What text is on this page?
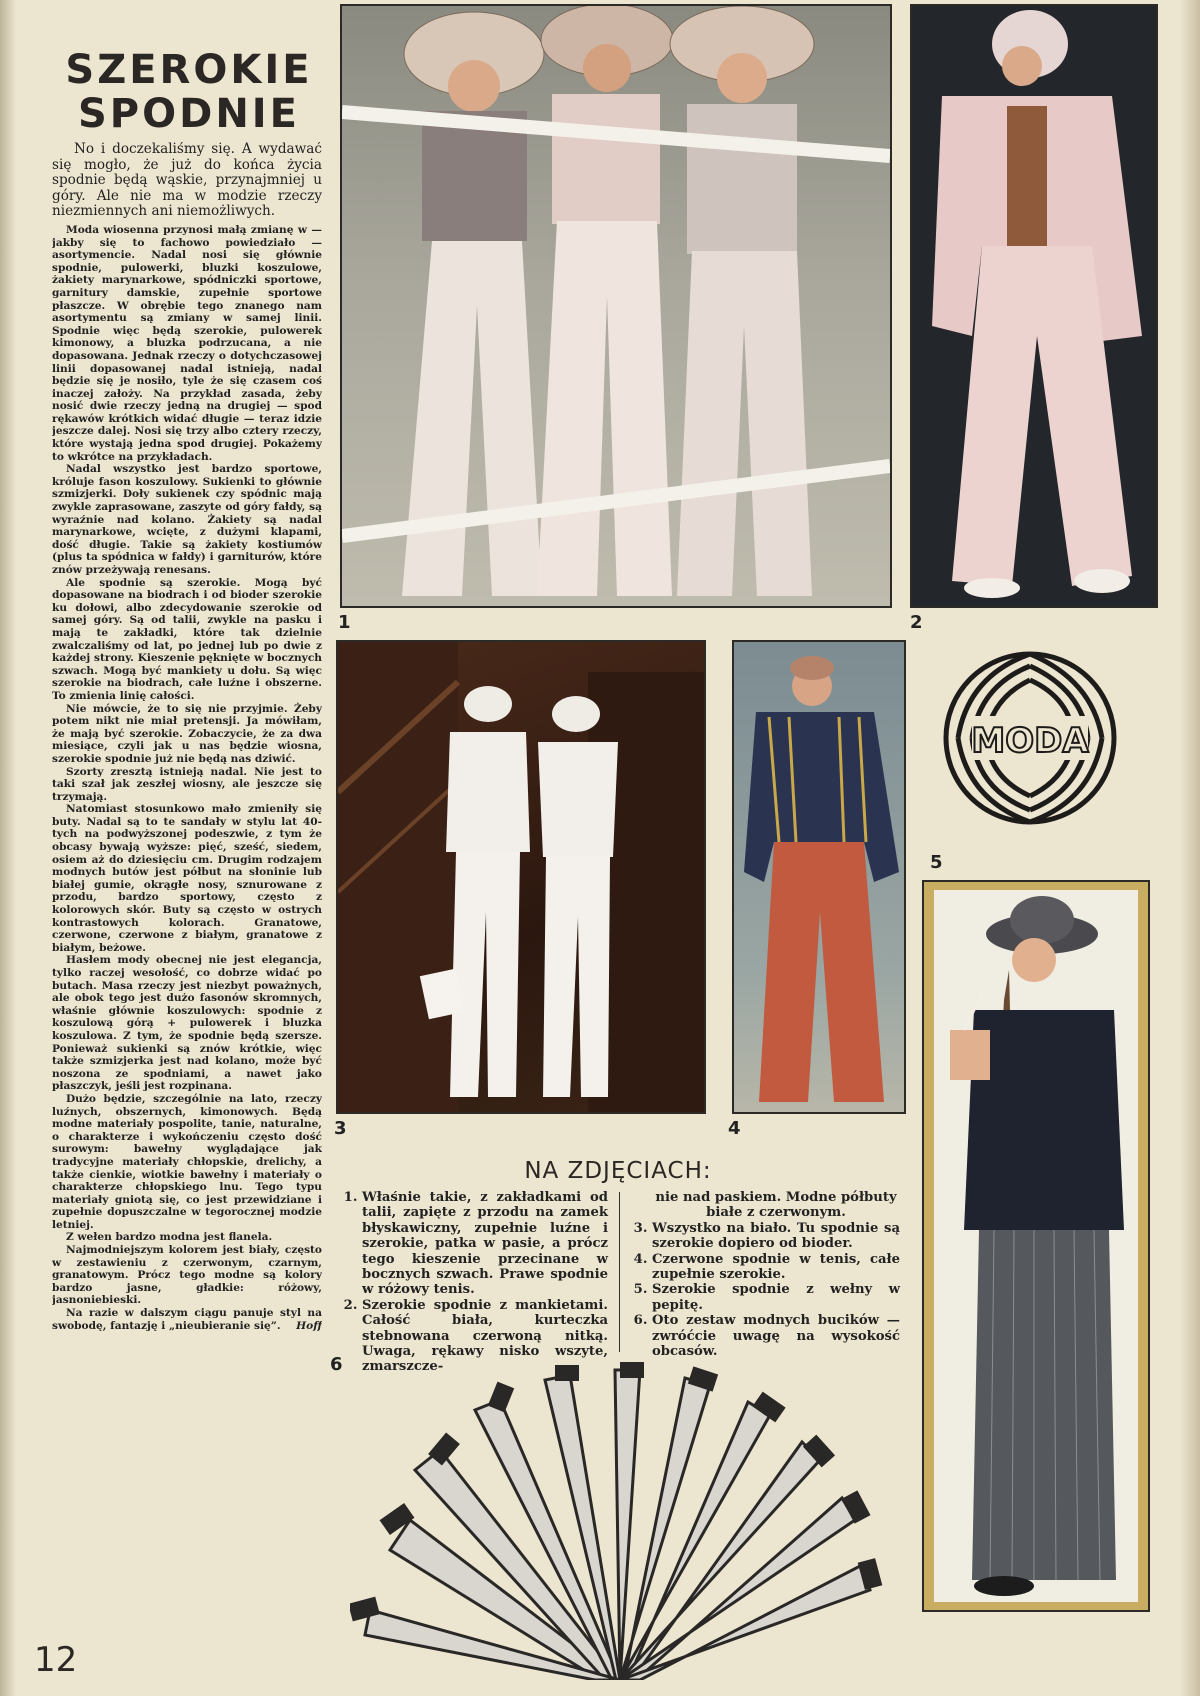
SZEROKIE
SPODNIE

No i doczekaliśmy się. A wydawać się mogło, że już do końca życia spodnie będą wąskie, przynajmniej u góry. Ale nie ma w modzie rzeczy niezmiennych ani niemożliwych.

Moda wiosenna przynosi małą zmianę w — jakby się to fachowo powiedziało — asortymencie. Nadal nosi się głównie spodnie, pulowerki, bluzki koszulowe, żakiety marynarkowe, spódniczki sportowe, garnitury damskie, zupełnie sportowe płaszcze. W obrębie tego znanego nam asortymentu są zmiany w samej linii. Spodnie więc będą szerokie, pulowerek kimonowy, a bluzka podrzucana, a nie dopasowana. Jednak rzeczy o dotychczasowej linii dopasowanej nadal istnieją, nadal będzie się je nosiło, tyle że się czasem coś inaczej założy. Na przykład zasada, żeby nosić dwie rzeczy jedną na drugiej — spod rękawów krótkich widać długie — teraz idzie jeszcze dalej. Nosi się trzy albo cztery rzeczy, które wystają jedna spod drugiej. Pokażemy to wkrótce na przykładach.

Nadal wszystko jest bardzo sportowe, króluje fason koszulowy. Sukienki to głównie szmizjerki. Doły sukienek czy spódnic mają zwykle zaprasowane, zaszyte od góry fałdy, są wyraźnie nad kolano. Żakiety są nadal marynarkowe, wcięte, z dużymi klapami, dość długie. Takie są żakiety kostiumów (plus ta spódnica w fałdy) i garniturów, które znów przeżywają renesans.

Ale spodnie są szerokie. Mogą być dopasowane na biodrach i od bioder szerokie ku dołowi, albo zdecydowanie szerokie od samej góry. Są od talii, zwykle na pasku i mają te zakładki, które tak dzielnie zwalczaliśmy od lat, po jednej lub po dwie z każdej strony. Kieszenie pęknięte w bocznych szwach. Mogą być mankiety u dołu. Są więc szerokie na biodrach, całe luźne i obszerne. To zmienia linię całości.

Nie mówcie, że to się nie przyjmie. Żeby potem nikt nie miał pretensji. Ja mówiłam, że mają być szerokie. Zobaczycie, że za dwa miesiące, czyli jak u nas będzie wiosna, szerokie spodnie już nie będą nas dziwić.

Szorty zresztą istnieją nadal. Nie jest to taki szał jak zeszłej wiosny, ale jeszcze się trzymają.

Natomiast stosunkowo mało zmieniły się buty. Nadal są to te sandały w stylu lat 40-tych na podwyższonej podeszwie, z tym że obcasy bywają wyższe: pięć, sześć, siedem, osiem aż do dziesięciu cm. Drugim rodzajem modnych butów jest półbut na słoninie lub białej gumie, okrągłe nosy, sznurowane z przodu, bardzo sportowy, często z kolorowych skór. Buty są często w ostrych kontrastowych kolorach. Granatowe, czerwone, czerwone z białym, granatowe z białym, beżowe.

Hasłem mody obecnej nie jest elegancja, tylko raczej wesołość, co dobrze widać po butach. Masa rzeczy jest niezbyt poważnych, ale obok tego jest dużo fasonów skromnych, właśnie głównie koszulowych: spodnie z koszulową górą + pulowerek i bluzka koszulowa. Z tym, że spodnie będą szersze. Ponieważ sukienki są znów krótkie, więc także szmizjerka jest nad kolano, może być noszona ze spodniami, a nawet jako płaszczyk, jeśli jest rozpinana.

Dużo będzie, szczególnie na lato, rzeczy luźnych, obszernych, kimonowych. Będą modne materiały pospolite, tanie, naturalne, o charakterze i wykończeniu często dość surowym: bawełny wyglądające jak tradycyjne materiały chłopskie, drelichy, a także cienkie, wiotkie bawełny i materiały o charakterze chłopskiego lnu. Tego typu materiały gniotą się, co jest przewidziane i zupełnie dopuszczalne w tegorocznej modzie letniej.

Z wełen bardzo modna jest flanela.

Najmodniejszym kolorem jest biały, często w zestawieniu z czerwonym, czarnym, granatowym. Prócz tego modne są kolory bardzo jasne, gładkie: różowy, jasnoniebieski.

Na razie w dalszym ciągu panuje styl na swobodę, fantazję i „nieubieranie się”.	Hoff
12
1	2
3	4
MODA
5
NA ZDJĘCIACH:
1. Właśnie takie, z zakładkami od talii, zapięte z przodu na zamek błyskawiczny, zupełnie luźne i szerokie, patka w pasie, a prócz tego kieszenie przecinane w bocznych szwach. Prawe spodnie w różowy tenis.
2. Szerokie spodnie z mankietami. Całość biała, kurteczka stebnowana czerwoną nitką. Uwaga, rękawy nisko wszyte, zmarszcze-

nie nad paskiem. Modne półbuty białe z czerwonym.

3. Wszystko na biało. Tu spodnie są szerokie dopiero od bioder.
4. Czerwone spodnie w tenis, całe zupełnie szerokie.
5. Szerokie spodnie z wełny w pepitę.
6. Oto zestaw modnych bucików — zwróćcie uwagę na wysokość obcasów.
6
